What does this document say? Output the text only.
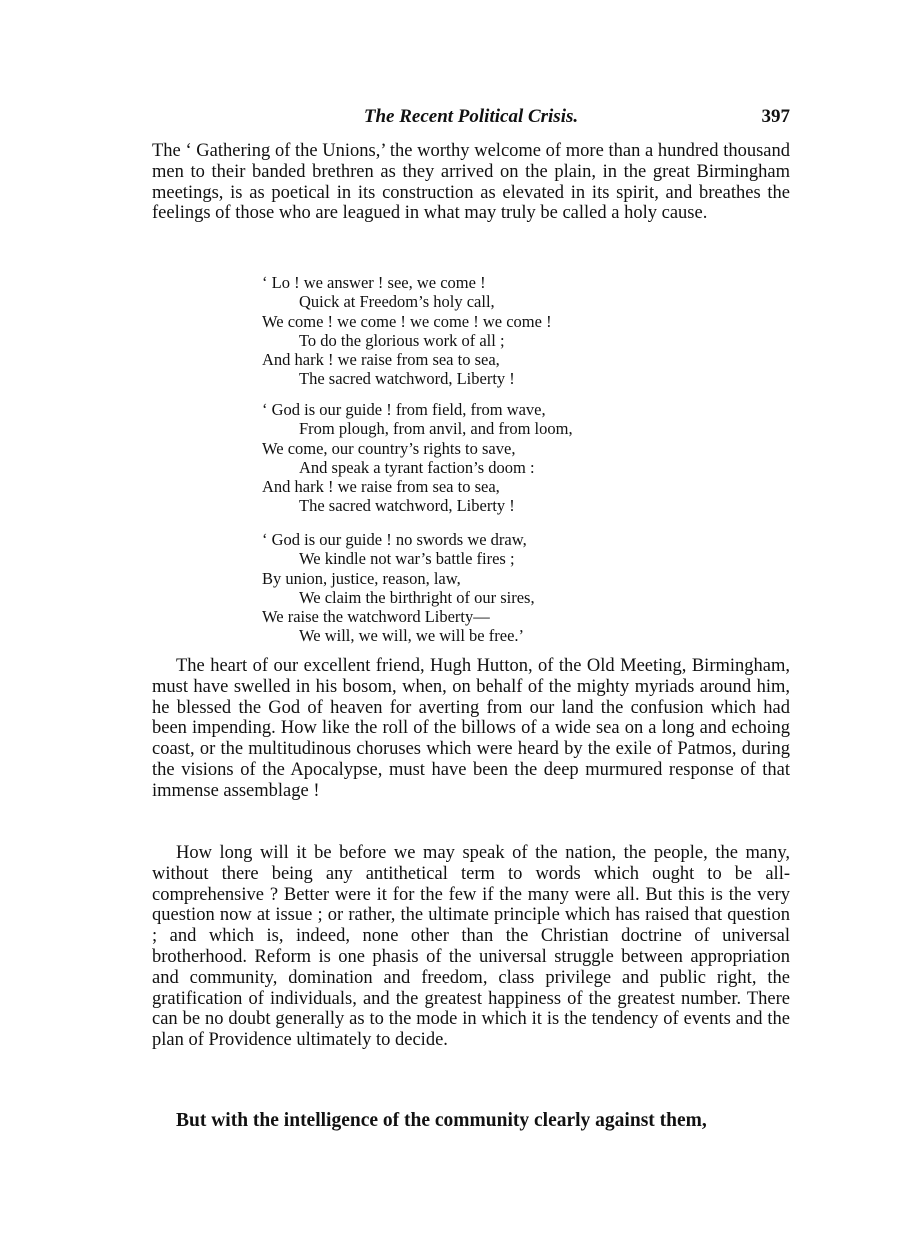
The Recent Political Crisis.	397

The ‘ Gathering of the Unions,’ the worthy welcome of more than a hundred thousand men to their banded brethren as they arrived on the plain, in the great Birmingham meetings, is as poetical in its construction as elevated in its spirit, and breathes the feelings of those who are leagued in what may truly be called a holy cause.

‘ Lo ! we answer ! see, we come !
Quick at Freedom’s holy call,
We come ! we come ! we come ! we come !
To do the glorious work of all ;
And hark ! we raise from sea to sea,
The sacred watchword, Liberty !
‘ God is our guide ! from field, from wave,
From plough, from anvil, and from loom,
We come, our country’s rights to save,
And speak a tyrant faction’s doom :
And hark ! we raise from sea to sea,
The sacred watchword, Liberty !
‘ God is our guide ! no swords we draw,
We kindle not war’s battle fires ;
By union, justice, reason, law,
We claim the birthright of our sires,
We raise the watchword Liberty—
We will, we will, we will be free.’

The heart of our excellent friend, Hugh Hutton, of the Old Meeting, Birmingham, must have swelled in his bosom, when, on behalf of the mighty myriads around him, he blessed the God of heaven for averting from our land the confusion which had been impending. How like the roll of the billows of a wide sea on a long and echoing coast, or the multitudinous choruses which were heard by the exile of Patmos, during the visions of the Apocalypse, must have been the deep murmured response of that immense assemblage !

How long will it be before we may speak of the nation, the people, the many, without there being any antithetical term to words which ought to be all-comprehensive ? Better were it for the few if the many were all. But this is the very question now at issue ; or rather, the ultimate principle which has raised that question ; and which is, indeed, none other than the Christian doctrine of universal brotherhood. Reform is one phasis of the universal struggle between appropriation and community, domination and freedom, class privilege and public right, the gratification of individuals, and the greatest happiness of the greatest number. There can be no doubt generally as to the mode in which it is the tendency of events and the plan of Providence ultimately to decide.

But with the intelligence of the community clearly against them,
